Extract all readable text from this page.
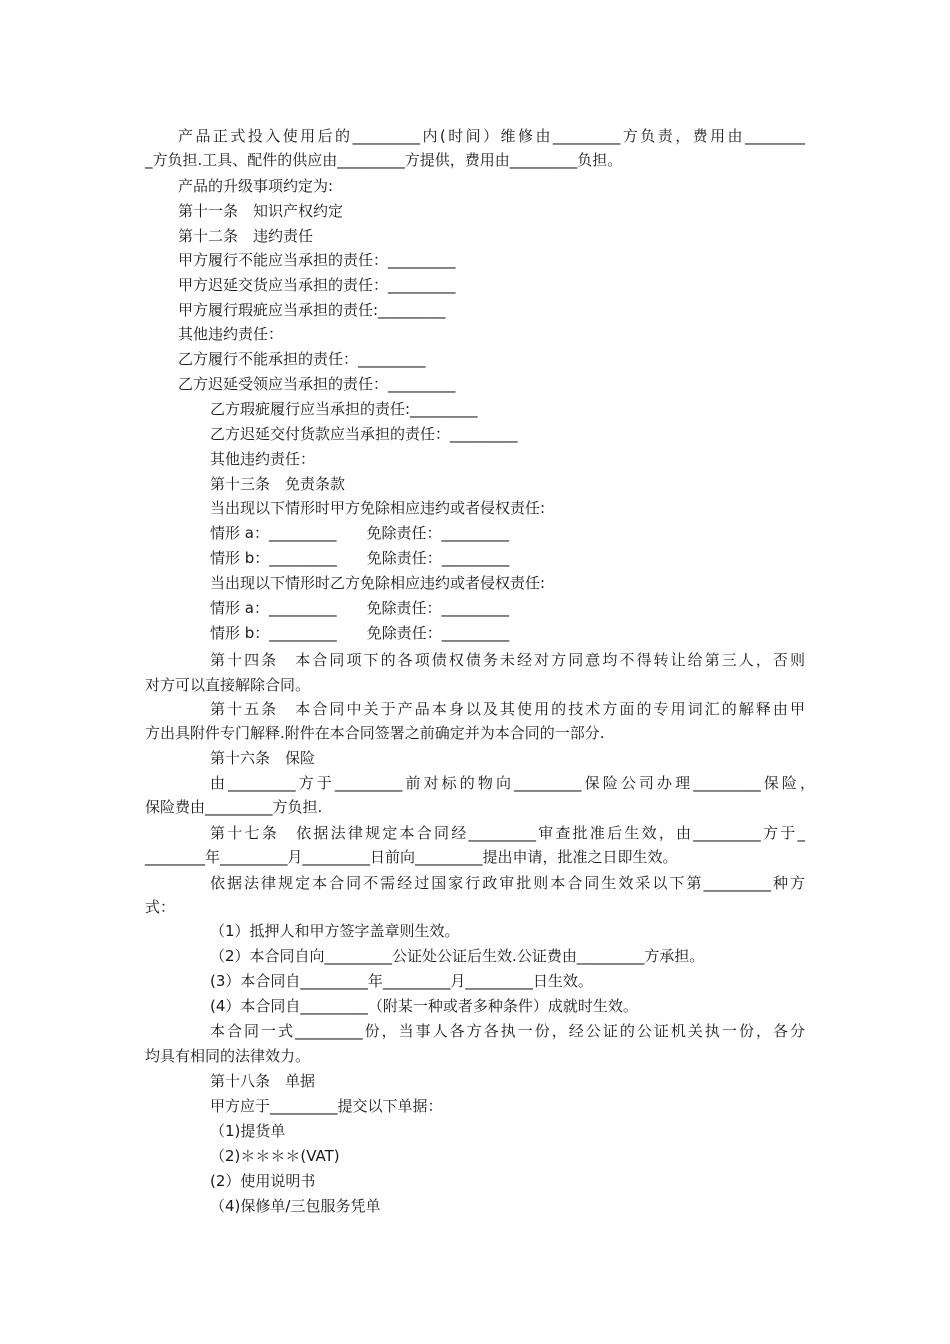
产品正式投入使用后的_________内(时间）维修由_________方负责，费用由________
_方负担.工具、配件的供应由_________方提供，费用由_________负担。
产品的升级事项约定为:
第十一条　知识产权约定
第十二条　违约责任
甲方履行不能应当承担的责任：_________
甲方迟延交货应当承担的责任：_________
甲方履行瑕疵应当承担的责任:_________
其他违约责任：
乙方履行不能承担的责任：_________
乙方迟延受领应当承担的责任：_________
乙方瑕疵履行应当承担的责任:_________
乙方迟延交付货款应当承担的责任：_________
其他违约责任：
第十三条　免责条款
当出现以下情形时甲方免除相应违约或者侵权责任:
情形 a：_________　　免除责任：_________
情形 b：_________　　免除责任：_________
当出现以下情形时乙方免除相应违约或者侵权责任:
情形 a：_________　　免除责任：_________
情形 b：_________　　免除责任：_________
第十四条　本合同项下的各项债权债务未经对方同意均不得转让给第三人，否则
对方可以直接解除合同。
第十五条　本合同中关于产品本身以及其使用的技术方面的专用词汇的解释由甲
方出具附件专门解释.附件在本合同签署之前确定并为本合同的一部分.
第十六条　保险
由_________方于_________前对标的物向_________保险公司办理_________保险，
保险费由_________方负担.
第十七条　依据法律规定本合同经_________审查批准后生效，由_________方于_
________年_________月_________日前向_________提出申请，批准之日即生效。
依据法律规定本合同不需经过国家行政审批则本合同生效采以下第_________种方
式：
（1）抵押人和甲方签字盖章则生效。
（2）本合同自向_________公证处公证后生效.公证费由_________方承担。
(3）本合同自_________年_________月_________日生效。
(4）本合同自_________（附某一种或者多种条件）成就时生效。
本合同一式_________份，当事人各方各执一份，经公证的公证机关执一份，各分
均具有相同的法律效力。
第十八条　单据
甲方应于_________提交以下单据：
（1)提货单
（2)＊＊＊＊(VAT)
(2）使用说明书
（4)保修单/三包服务凭单
